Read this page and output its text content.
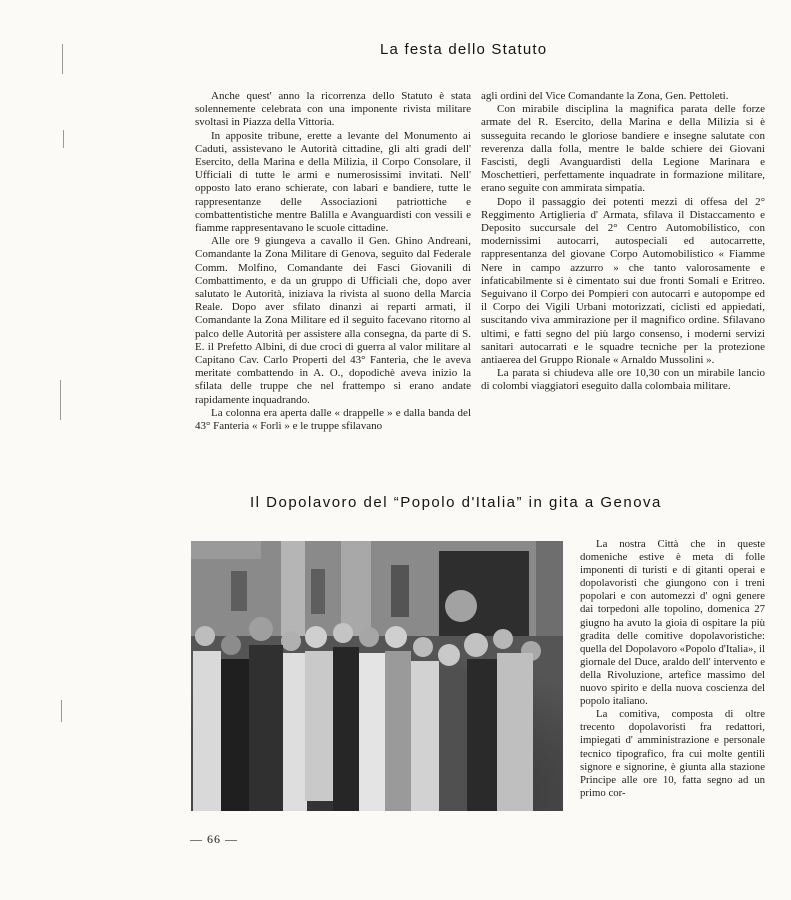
La festa dello Statuto

Anche quest' anno la ricorrenza dello Statuto è stata solennemente celebrata con una imponente rivista militare svoltasi in Piazza della Vittoria.

In apposite tribune, erette a levante del Monumento ai Caduti, assistevano le Autorità cittadine, gli alti gradi dell' Esercito, della Marina e della Milizia, il Corpo Consolare, il Ufficiali di tutte le armi e numerosissimi invitati. Nell' opposto lato erano schierate, con labari e bandiere, tutte le rappresentanze delle Associazioni patriottiche e combattentistiche mentre Balilla e Avanguardisti con vessili e fiamme rappresentavano le scuole cittadine.

Alle ore 9 giungeva a cavallo il Gen. Ghino Andreani, Comandante la Zona Militare di Genova, seguito dal Federale Comm. Molfino, Comandante dei Fasci Giovanili di Combattimento, e da un gruppo di Ufficiali che, dopo aver salutato le Autorità, iniziava la rivista al suono della Marcia Reale. Dopo aver sfilato dinanzi ai reparti armati, il Comandante la Zona Militare ed il seguito facevano ritorno al palco delle Autorità per assistere alla consegna, da parte di S. E. il Prefetto Albini, di due croci di guerra al valor militare al Capitano Cav. Carlo Properti del 43° Fanteria, che le aveva meritate combattendo in A. O., dopodichè aveva inizio la sfilata delle truppe che nel frattempo si erano andate rapidamente inquadrando.

La colonna era aperta dalle « drappelle » e dalla banda del 43° Fanteria « Forlì » e le truppe sfilavano

agli ordini del Vice Comandante la Zona, Gen. Pettoleti.

Con mirabile disciplina la magnifica parata delle forze armate del R. Esercito, della Marina e della Milizia si è susseguita recando le gloriose bandiere e insegne salutate con reverenza dalla folla, mentre le balde schiere dei Giovani Fascisti, degli Avanguardisti della Legione Marinara e Moschettieri, perfettamente inquadrate in formazione militare, erano seguite con ammirata simpatia.

Dopo il passaggio dei potenti mezzi di offesa del 2° Reggimento Artiglieria d' Armata, sfilava il Distaccamento e Deposito succursale del 2° Centro Automobilistico, con modernissimi autocarri, autospeciali ed autocarrette, rappresentanza del giovane Corpo Automobilistico « Fiamme Nere in campo azzurro » che tanto valorosamente e infaticabilmente si è cimentato sui due fronti Somali e Eritreo. Seguivano il Corpo dei Pompieri con autocarri e autopompe ed il Corpo dei Vigili Urbani motorizzati, ciclisti ed appiedati, suscitando viva ammirazione per il magnifico ordine. Sfilavano ultimi, e fatti segno del più largo consenso, i moderni servizi sanitari autocarrati e le squadre tecniche per la protezione antiaerea del Gruppo Rionale « Arnaldo Mussolini ».

La parata si chiudeva alle ore 10,30 con un mirabile lancio di colombi viaggiatori eseguito dalla colombaia militare.

Il Dopolavoro del “Popolo d'Italia” in gita a Genova

La nostra Città che in queste domeniche estive è meta di folle imponenti di turisti e di gitanti operai e dopolavoristi che giungono con i treni popolari e con automezzi d' ogni genere dai torpedoni alle topolino, domenica 27 giugno ha avuto la gioia di ospitare la più gradita delle comitive dopolavoristiche: quella del Dopolavoro «Popolo d'Italia», il giornale del Duce, araldo dell' intervento e della Rivoluzione, artefice massimo del nuovo spirito e della nuova coscienza del popolo italiano.

La comitiva, composta di oltre trecento dopolavoristi fra redattori, impiegati d' amministrazione e personale tecnico tipografico, fra cui molte gentili signore e signorine, è giunta alla stazione Principe alle ore 10, fatta segno ad un primo cor-

— 66 —
